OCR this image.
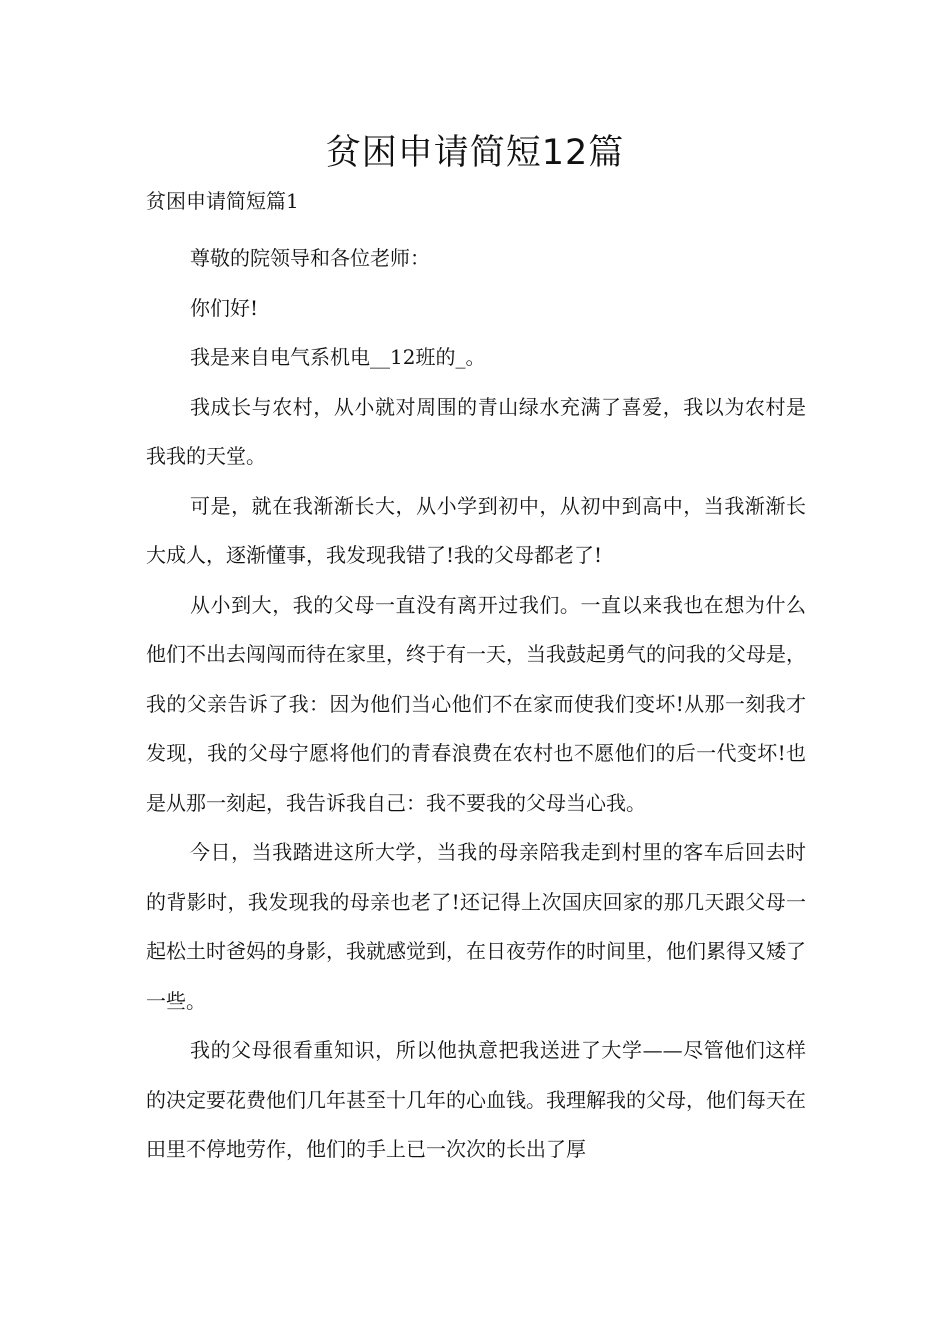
贫困申请简短12篇
贫困申请简短篇1

尊敬的院领导和各位老师：

你们好!

我是来自电气系机电__12班的_。

我成长与农村，从小就对周围的青山绿水充满了喜爱，我以为农村是我我的天堂。

可是，就在我渐渐长大，从小学到初中，从初中到高中，当我渐渐长大成人，逐渐懂事，我发现我错了!我的父母都老了!

从小到大，我的父母一直没有离开过我们。一直以来我也在想为什么他们不出去闯闯而待在家里，终于有一天，当我鼓起勇气的问我的父母是，我的父亲告诉了我：因为他们当心他们不在家而使我们变坏!从那一刻我才发现，我的父母宁愿将他们的青春浪费在农村也不愿他们的后一代变坏!也是从那一刻起，我告诉我自己：我不要我的父母当心我。

今日，当我踏进这所大学，当我的母亲陪我走到村里的客车后回去时的背影时，我发现我的母亲也老了!还记得上次国庆回家的那几天跟父母一起松土时爸妈的身影，我就感觉到，在日夜劳作的时间里，他们累得又矮了一些。

我的父母很看重知识，所以他执意把我送进了大学——尽管他们这样的决定要花费他们几年甚至十几年的心血钱。我理解我的父母，他们每天在田里不停地劳作，他们的手上已一次次的长出了厚
